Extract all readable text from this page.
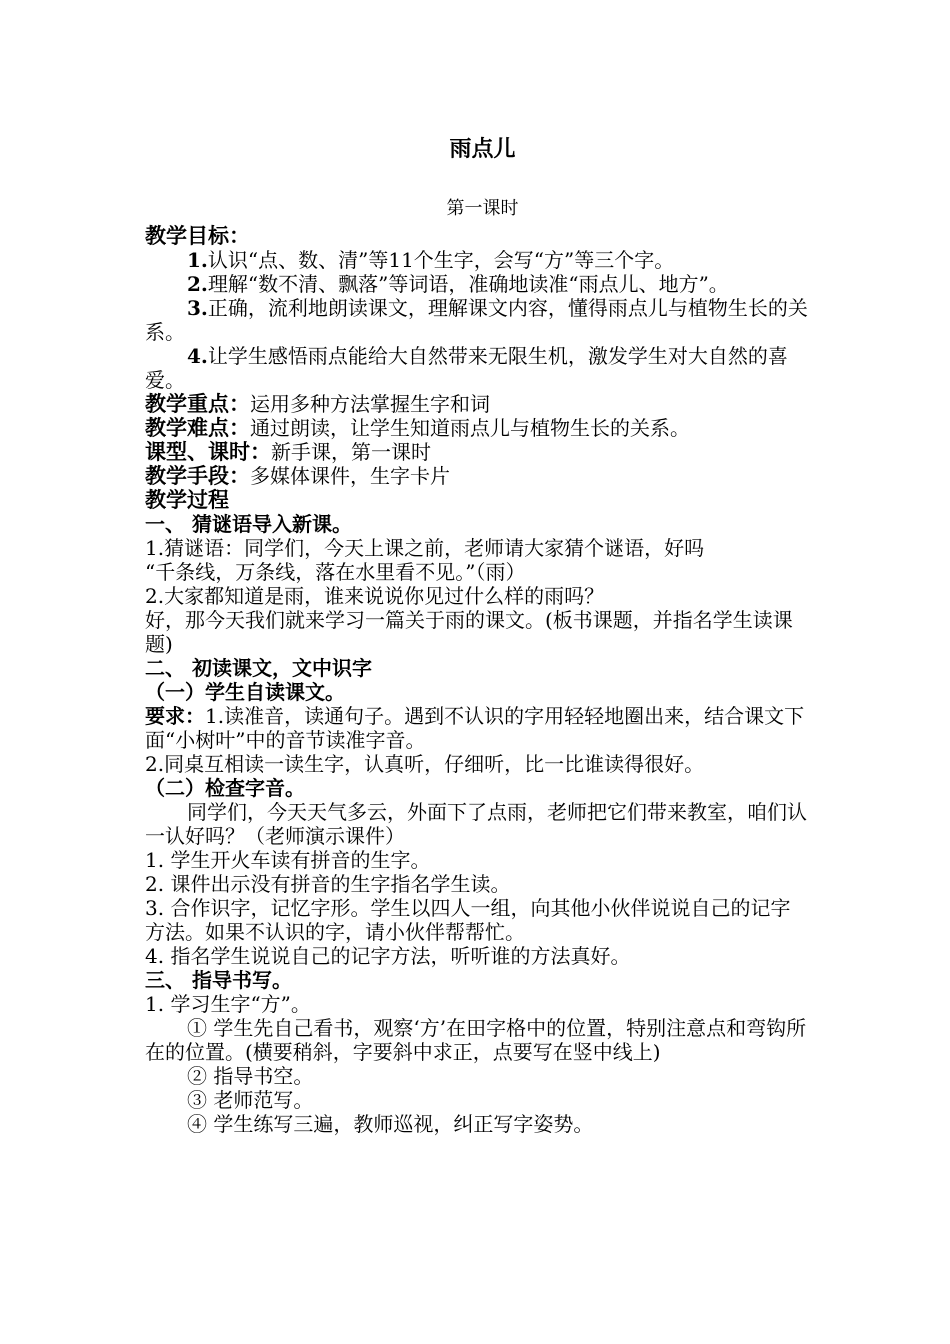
雨点儿
第一课时

教学目标：

1.认识“点、数、清”等11个生字，会写“方”等三个字。

2.理解“数不清、飘落”等词语，准确地读准“雨点儿、地方”。

3.正确，流利地朗读课文，理解课文内容，懂得雨点儿与植物生长的关系。

4.让学生感悟雨点能给大自然带来无限生机，激发学生对大自然的喜爱。

教学重点：运用多种方法掌握生字和词

教学难点：通过朗读，让学生知道雨点儿与植物生长的关系。

课型、课时：新手课，第一课时

教学手段：多媒体课件，生字卡片

教学过程

一、 猜谜语导入新课。

1.猜谜语：同学们，今天上课之前，老师请大家猜个谜语，好吗

“千条线，万条线，落在水里看不见。”（雨）

2.大家都知道是雨，谁来说说你见过什么样的雨吗？

好，那今天我们就来学习一篇关于雨的课文。(板书课题，并指名学生读课题)

二、 初读课文，文中识字

（一）学生自读课文。

要求：1.读准音，读通句子。遇到不认识的字用轻轻地圈出来，结合课文下面“小树叶”中的音节读准字音。

2.同桌互相读一读生字，认真听，仔细听，比一比谁读得很好。

（二）检查字音。

同学们，今天天气多云，外面下了点雨，老师把它们带来教室，咱们认一认好吗？（老师演示课件）

1. 学生开火车读有拼音的生字。

2. 课件出示没有拼音的生字指名学生读。

3. 合作识字，记忆字形。学生以四人一组，向其他小伙伴说说自己的记字方法。如果不认识的字，请小伙伴帮帮忙。

4. 指名学生说说自己的记字方法，听听谁的方法真好。

三、 指导书写。

1. 学习生字“方”。

① 学生先自己看书，观察‘方’在田字格中的位置，特别注意点和弯钩所在的位置。(横要稍斜，字要斜中求正，点要写在竖中线上)

② 指导书空。

③ 老师范写。

④ 学生练写三遍，教师巡视，纠正写字姿势。
